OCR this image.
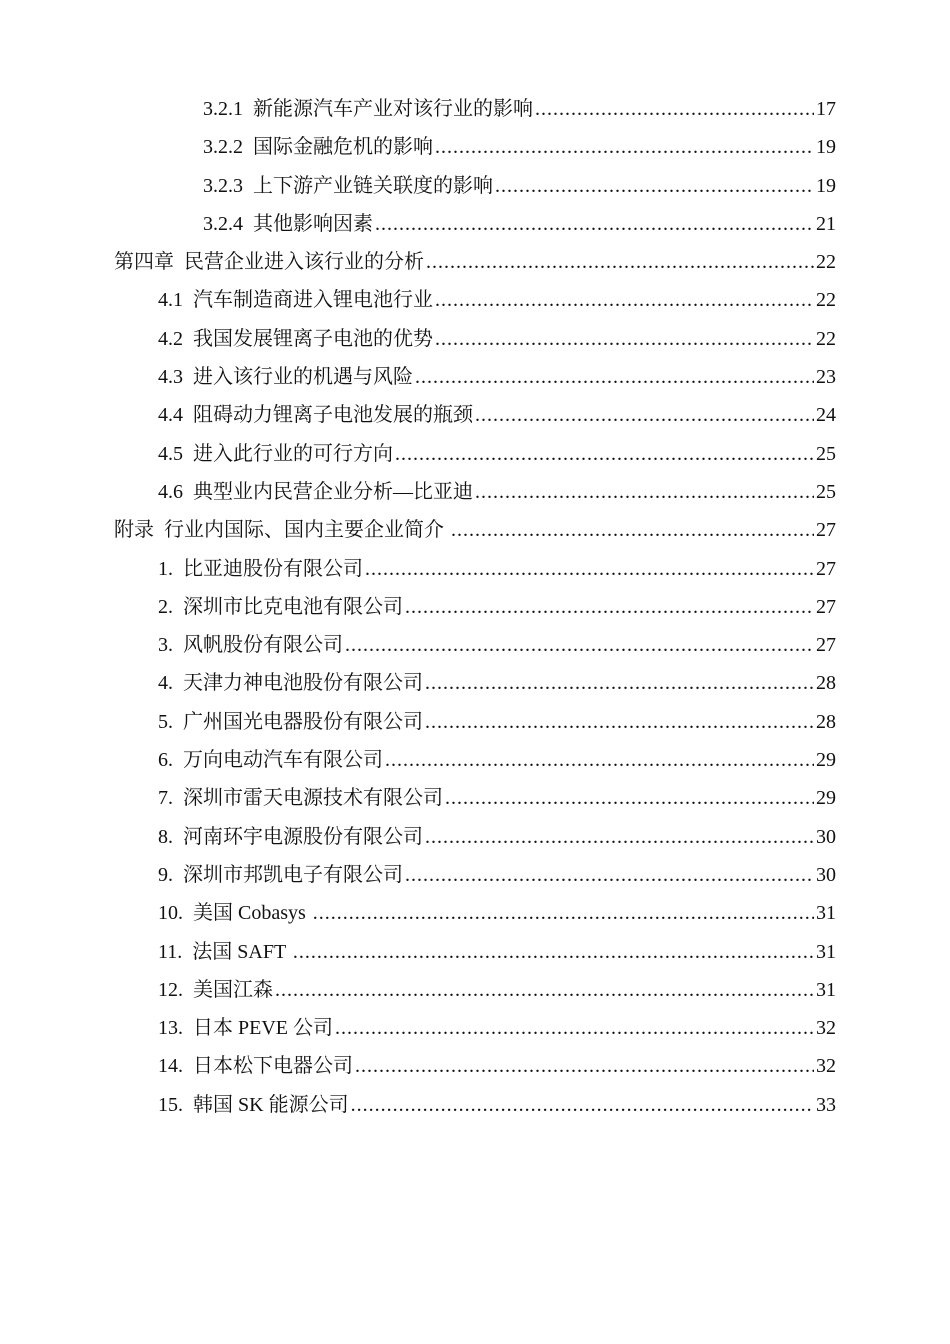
3.2.1  新能源汽车产业对该行业的影响 .....	17
3.2.2  国际金融危机的影响 .....	19
3.2.3  上下游产业链关联度的影响 .....	19
3.2.4  其他影响因素 .....	21
第四章  民营企业进入该行业的分析 .....	22
4.1  汽车制造商进入锂电池行业 .....	22
4.2  我国发展锂离子电池的优势 .....	22
4.3  进入该行业的机遇与风险 .....	23
4.4  阻碍动力锂离子电池发展的瓶颈 .....	24
4.5  进入此行业的可行方向 .....	25
4.6  典型业内民营企业分析—比亚迪 .....	25
附录  行业内国际、国内主要企业简介 .....	27
1.  比亚迪股份有限公司 .....	27
2.  深圳市比克电池有限公司 .....	27
3.  风帆股份有限公司 .....	27
4.  天津力神电池股份有限公司 .....	28
5.  广州国光电器股份有限公司 .....	28
6.  万向电动汽车有限公司 .....	29
7.  深圳市雷天电源技术有限公司 .....	29
8.  河南环宇电源股份有限公司 .....	30
9.  深圳市邦凯电子有限公司 .....	30
10.  美国 Cobasys .....	31
11.  法国 SAFT .....	31
12.  美国江森 .....	31
13.  日本 PEVE 公司 .....	32
14.  日本松下电器公司 .....	32
15.  韩国 SK 能源公司 .....	33
